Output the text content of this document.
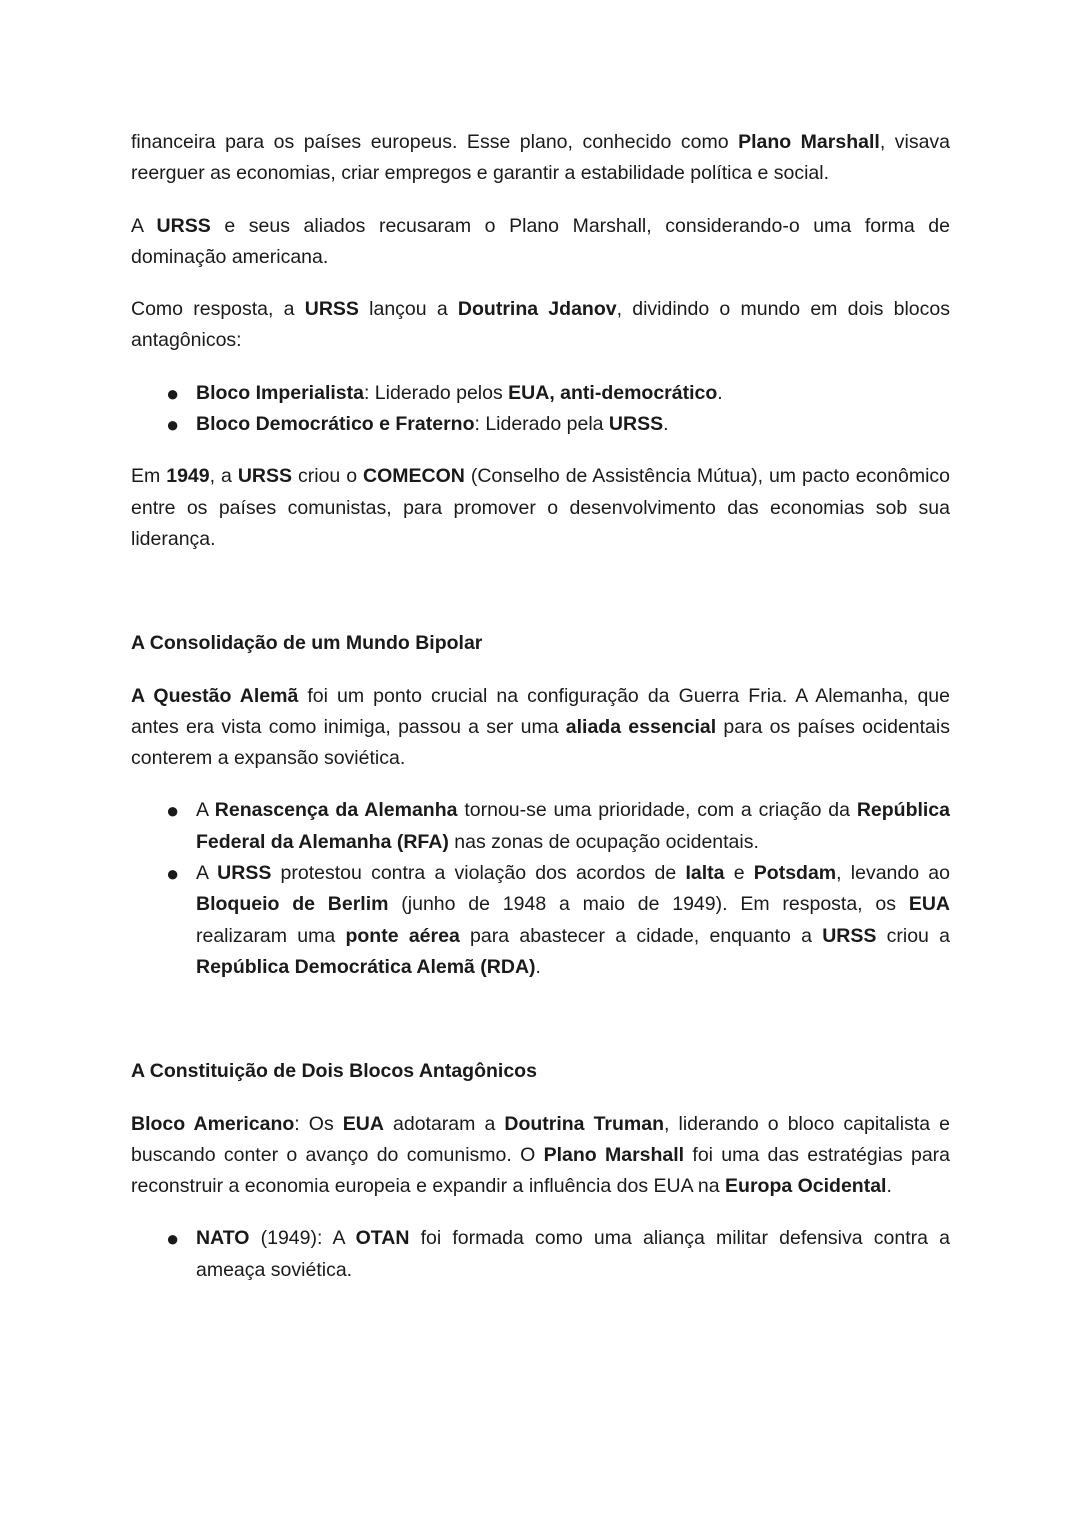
financeira para os países europeus. Esse plano, conhecido como Plano Marshall, visava reerguer as economias, criar empregos e garantir a estabilidade política e social.

A URSS e seus aliados recusaram o Plano Marshall, considerando-o uma forma de dominação americana.

Como resposta, a URSS lançou a Doutrina Jdanov, dividindo o mundo em dois blocos antagônicos:

● Bloco Imperialista: Liderado pelos EUA, anti-democrático.
● Bloco Democrático e Fraterno: Liderado pela URSS.

Em 1949, a URSS criou o COMECON (Conselho de Assistência Mútua), um pacto econômico entre os países comunistas, para promover o desenvolvimento das economias sob sua liderança.

A Consolidação de um Mundo Bipolar

A Questão Alemã foi um ponto crucial na configuração da Guerra Fria. A Alemanha, que antes era vista como inimiga, passou a ser uma aliada essencial para os países ocidentais conterem a expansão soviética.

● A Renascença da Alemanha tornou-se uma prioridade, com a criação da República Federal da Alemanha (RFA) nas zonas de ocupação ocidentais.
● A URSS protestou contra a violação dos acordos de Ialta e Potsdam, levando ao Bloqueio de Berlim (junho de 1948 a maio de 1949). Em resposta, os EUA realizaram uma ponte aérea para abastecer a cidade, enquanto a URSS criou a República Democrática Alemã (RDA).
A Constituição de Dois Blocos Antagônicos

Bloco Americano: Os EUA adotaram a Doutrina Truman, liderando o bloco capitalista e buscando conter o avanço do comunismo. O Plano Marshall foi uma das estratégias para reconstruir a economia europeia e expandir a influência dos EUA na Europa Ocidental.

● NATO (1949): A OTAN foi formada como uma aliança militar defensiva contra a ameaça soviética.
